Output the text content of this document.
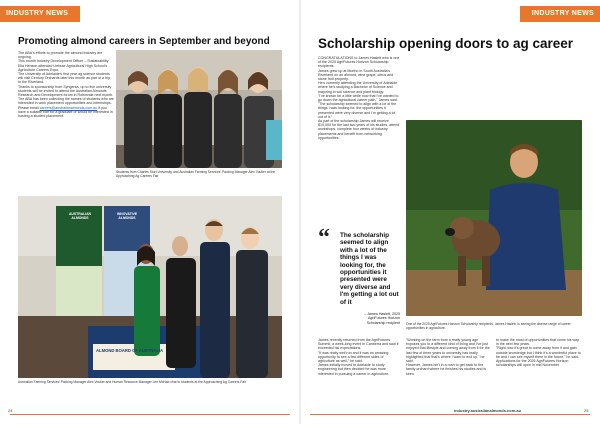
INDUSTRY NEWS	INDUSTRY NEWS
Promoting almond careers in September and beyond
The ABA's efforts to promote the almond industry are ongoing.
This month Industry Development Officer – Sustainability Ella Henson attended Urrbrae Agricultural High School's Agriculture Careers Expo.
The University of Adelaide's first year ag science students will visit Century Orchards later this month as part of a trip to the Riverland.
Thanks to sponsorship from Syngenta, up to five university students will be invited to attend the Australian Almonds Research and Development forum in Robinvale next month.
The ABA has been collecting the names of students who are interested in work placement opportunities and internships. Please email careers@australianalmonds.com.au if you have a suitable role for a graduate or would be interested in hosting a student placement.
Students from Charles Sturt University and Australian Farming Services' Packing Manager Alex Voutier at the Approaching Ag Careers Fair
AUSTRALIAN ALMONDS
INNOVATIVE ALMONDS
ALMOND BOARD OF AUSTRALIA
Australian Farming Services' Packing Manager Alex Voutier and Human Resource Manager Lee McNab chat to students at the Approaching Ag Careers Fair
Scholarship opening doors to ag career
CONGRATULATIONS to James Haslett who is one of the 2025 AgriFutures Horizon Scholarship recipients.
James grew up at Murtho in South Australia's Riverland on an almond, wine grape, citrus and stone fruit property.
He's currently attending the University of Adelaide where he's studying a Bachelor of Science and majoring in soil science and plant biology.
"I've known for a little while now that I've wanted to go down the agricultural career path," James said.
"The scholarship seemed to align with a lot of the things I was looking for, the opportunities it presented were very diverse and I'm getting a lot out of it."
As part of the scholarship James will receive $10,000 for the last two years of his studies, attend workshops, complete four weeks of industry placements and benefit from networking opportunities.
“ The scholarship seemed to align with a lot of the things I was looking for, the opportunities it presented were very diverse and I'm getting a lot out of it
– James Haslett, 2025 AgriFutures Horizon Scholarship recipient
James recently returned from the AgriFutures Summit, a week-long event in Canberra and said it exceeded his expectations.
"It was really well run and it was an amazing opportunity to see a few different sides of agriculture as well," he said.
James initially moved to Adelaide to study engineering but then decided he was more interested in pursuing a career in agriculture.
One of the 2025 AgriFutures Horizon Scholarship recipients, James Haslett, is seeing the diverse range of career opportunities in agriculture.
"Working on the farm from a really young age exposes you to a different kind of living and I've just enjoyed that lifestyle and coming away from it for the last few of three years to university has really highlighted that that's where I want to end up," he said.
However, James isn't in a rush to get back to the family orchard where he finishes his studies and is keen
to make the most of opportunities that come his way in the next few years.
"Right now it's great to come away from it and gain outside knowledge but I think it's a wonderful place to be and I can see myself there in the future," he said.
Applications for the 2026 AgriFutures Horizon scholarships will open in mid November.
24	industry.australianalmonds.com.au	25
